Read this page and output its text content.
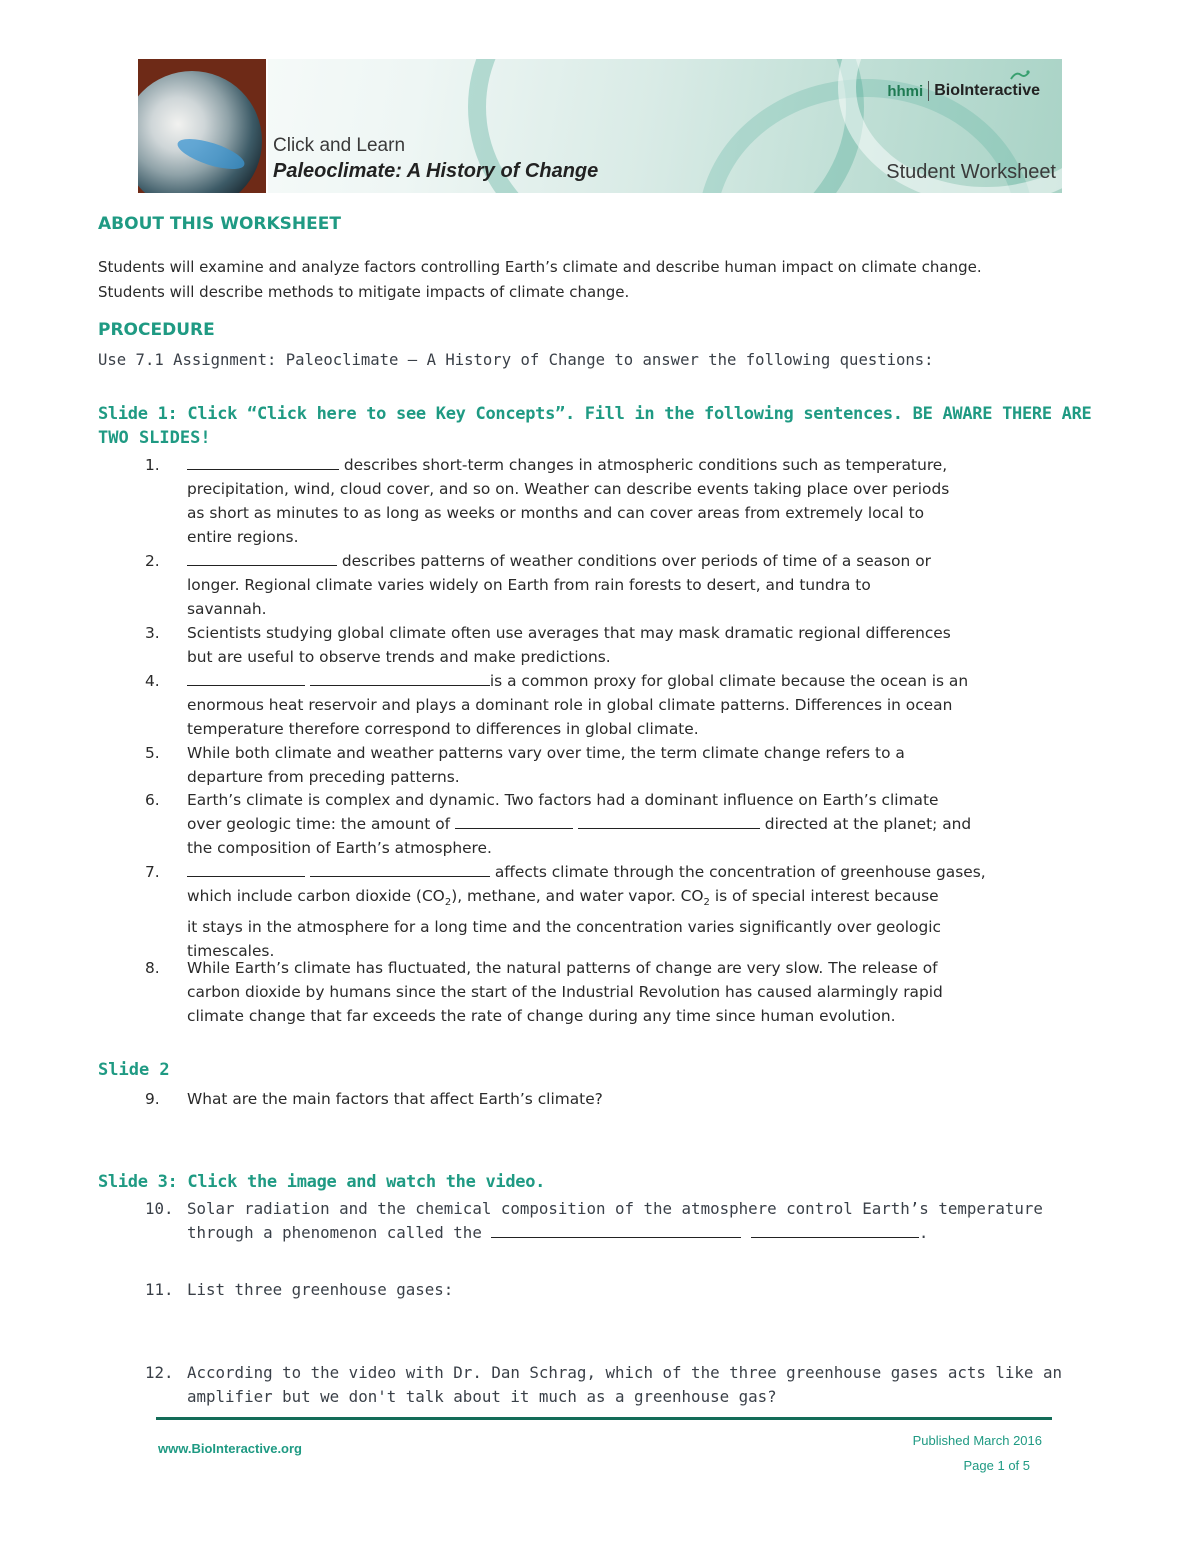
Click and Learn
Paleoclimate: A History of Change	Student Worksheet
hhmi BioInteractive
ABOUT THIS WORKSHEET
Students will examine and analyze factors controlling Earth’s climate and describe human impact on climate change.
Students will describe methods to mitigate impacts of climate change.
PROCEDURE
Use 7.1 Assignment: Paleoclimate – A History of Change to answer the following questions:
Slide 1: Click “Click here to see Key Concepts”. Fill in the following sentences. BE AWARE THERE ARE
TWO SLIDES!
1.	describes short-term changes in atmospheric conditions such as temperature,
precipitation, wind, cloud cover, and so on. Weather can describe events taking place over periods
as short as minutes to as long as weeks or months and can cover areas from extremely local to
entire regions.
2.	describes patterns of weather conditions over periods of time of a season or
longer. Regional climate varies widely on Earth from rain forests to desert, and tundra to
savannah.
3.	Scientists studying global climate often use averages that may mask dramatic regional differences
but are useful to observe trends and make predictions.
4.	is a common proxy for global climate because the ocean is an
enormous heat reservoir and plays a dominant role in global climate patterns. Differences in ocean
temperature therefore correspond to differences in global climate.
5.	While both climate and weather patterns vary over time, the term climate change refers to a
departure from preceding patterns.
6.	Earth’s climate is complex and dynamic. Two factors had a dominant influence on Earth’s climate
over geologic time: the amount of	directed at the planet; and
the composition of Earth’s atmosphere.
7.	affects climate through the concentration of greenhouse gases,
which include carbon dioxide $(CO_2)$, methane, and water vapor. $CO_2$ is of special interest because
it stays in the atmosphere for a long time and the concentration varies significantly over geologic
timescales.
8.	While Earth’s climate has fluctuated, the natural patterns of change are very slow. The release of
carbon dioxide by humans since the start of the Industrial Revolution has caused alarmingly rapid
climate change that far exceeds the rate of change during any time since human evolution.
Slide 2
9.	What are the main factors that affect Earth’s climate?
Slide 3: Click the image and watch the video.
10. Solar radiation and the chemical composition of the atmosphere control Earth’s temperature
through a phenomenon called the	.
11. List three greenhouse gases:
12. According to the video with Dr. Dan Schrag, which of the three greenhouse gases acts like an
amplifier but we don't talk about it much as a greenhouse gas?
www.BioInteractive.org
Published March 2016
Page 1 of 5
